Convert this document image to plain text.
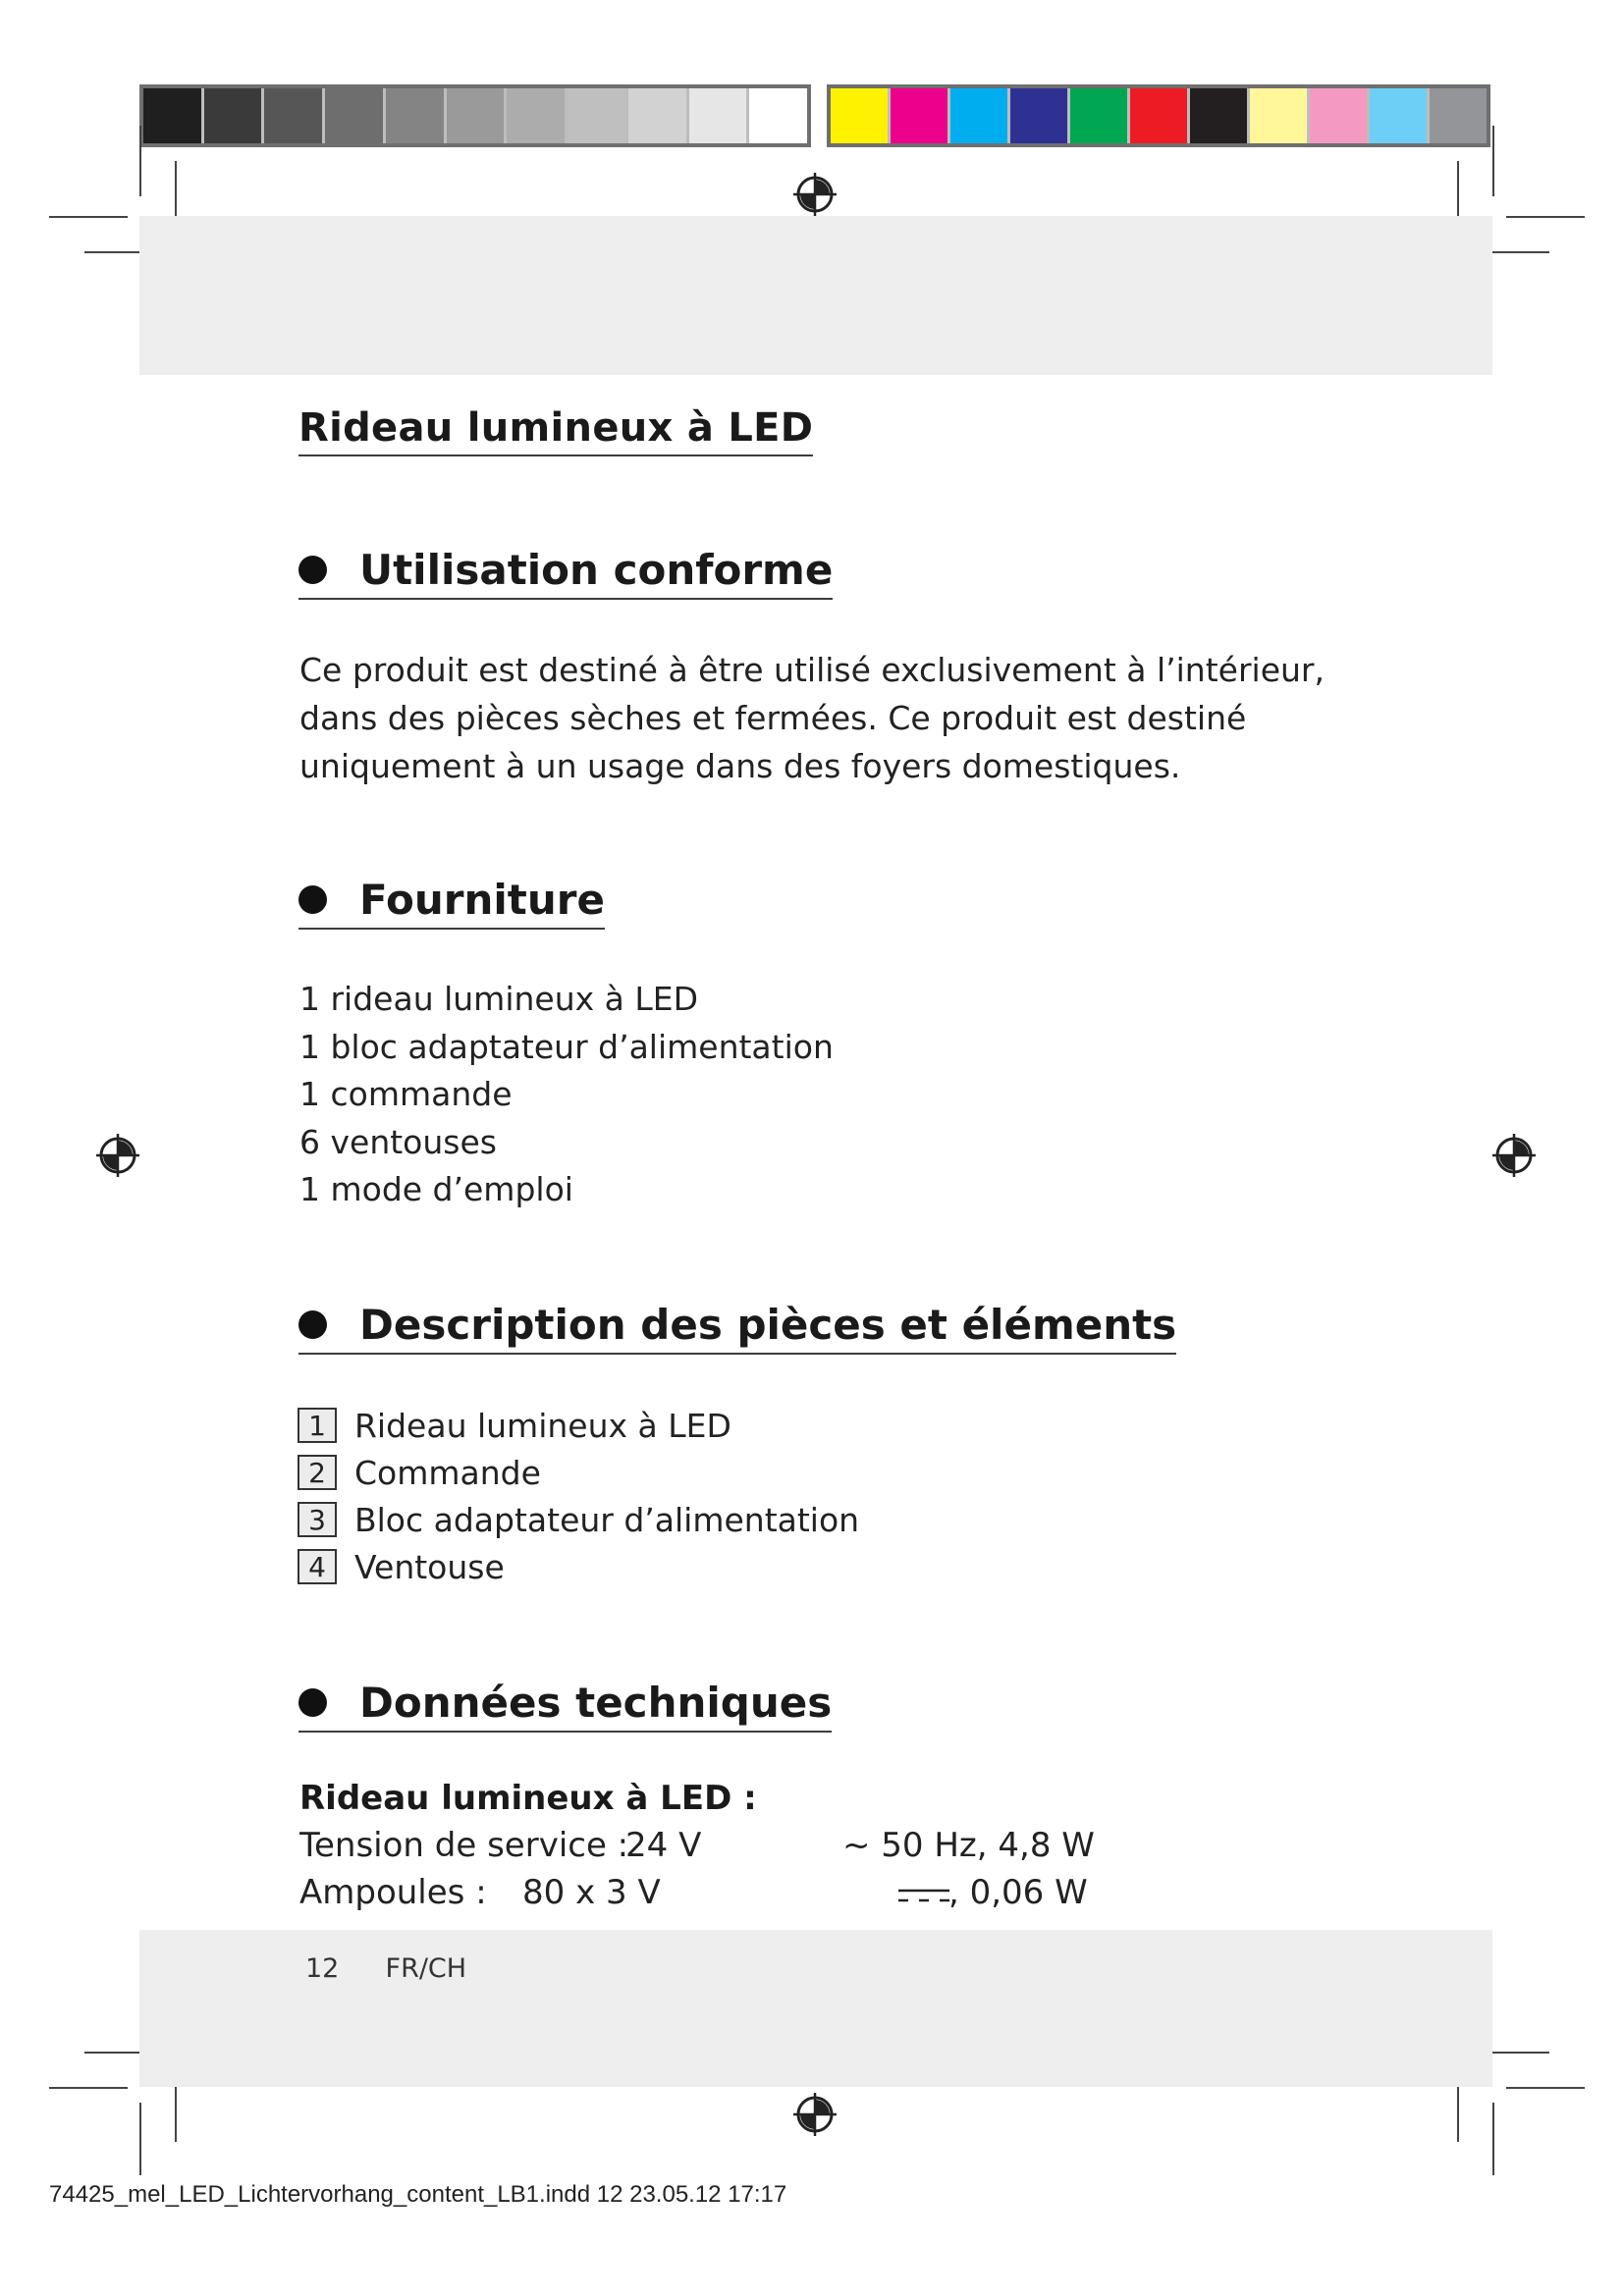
Rideau lumineux à LED
Utilisation conforme
Ce produit est destiné à être utilisé exclusivement à l’intérieur, dans des pièces sèches et fermées. Ce produit est destiné uniquement à un usage dans des foyers domestiques.
Fourniture
1 rideau lumineux à LED
1 bloc adaptateur d’alimentation
1 commande
6 ventouses
1 mode d’emploi
Description des pièces et éléments
1 Rideau lumineux à LED
2 Commande
3 Bloc adaptateur d’alimentation
4 Ventouse
Données techniques
Rideau lumineux à LED :
Tension de service :
24 V	~ 50 Hz, 4,8 W
Ampoules : 80 x 3 V	, 0,06 W
12 FR/CH
74425_mel_LED_Lichtervorhang_content_LB1.indd 12 23.05.12 17:17
